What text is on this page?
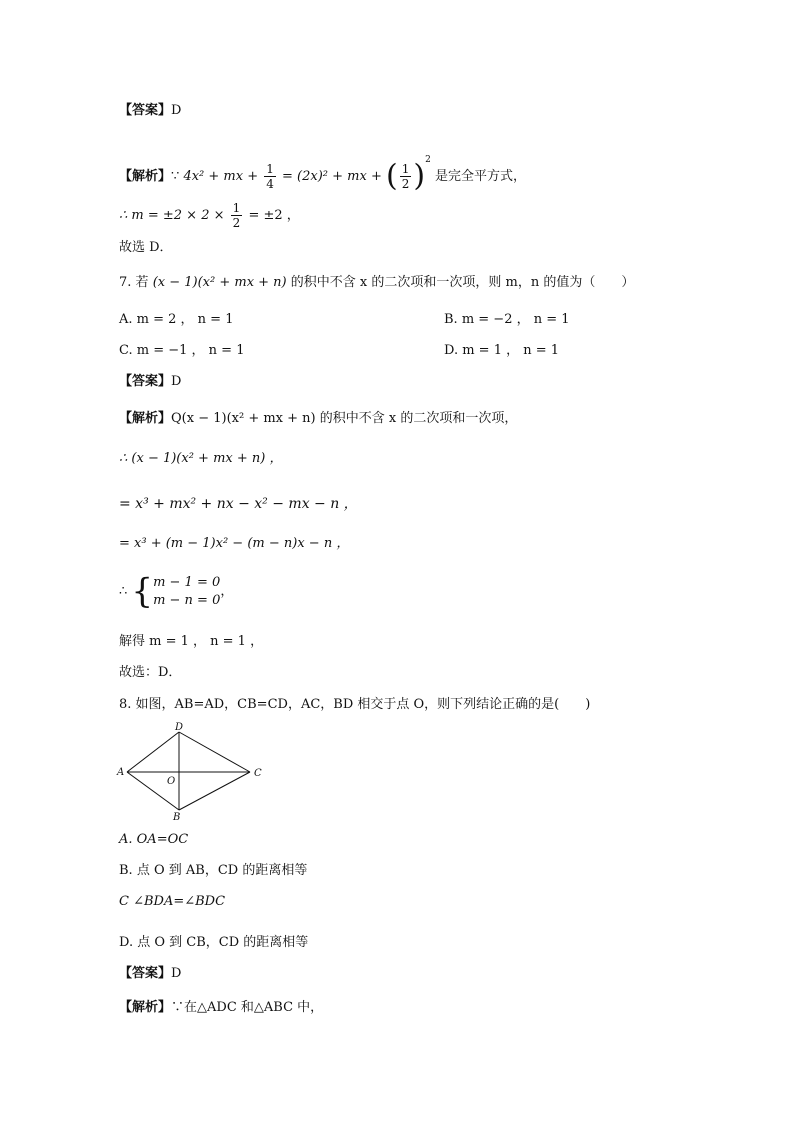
【答案】D
【解析】∵ 4x² + mx + $\frac{1}{4} = (2x)^2$ + mx + ( $\frac{1}{2} )^2$ 是完全平方式，
∴ $m = \pm 2 \times 2 \times \frac{1}{2} = \pm 2$ ，
故选 D．
7. 若 (x − 1)(x² + mx + n) 的积中不含 x 的二次项和一次项，则 m，n 的值为（　　）
A. m = 2 ， n = 1	B. m = −2 ， n = 1
C. m = −1 ， n = 1	D. m = 1 ， n = 1
【答案】D
【解析】Q(x − 1)(x² + mx + n) 的积中不含 x 的二次项和一次项，
∴ (x − 1)(x² + mx + n) ，
= x³ + mx² + nx − x² − mx − n ，
= x³ + (m − 1)x² − (m − n)x − n ，
∴ { m − 1 = 0
m − n = 0
，
解得 m = 1 ， n = 1 ，
故选：D．
8. 如图，AB=AD，CB=CD，AC，BD 相交于点 O，则下列结论正确的是(　　)
A
D
C
B
O
A. OA=OC
B. 点 O 到 AB，CD 的距离相等
C ∠BDA=∠BDC
D. 点 O 到 CB，CD 的距离相等
【答案】D
【解析】∵在△ADC 和△ABC 中，
